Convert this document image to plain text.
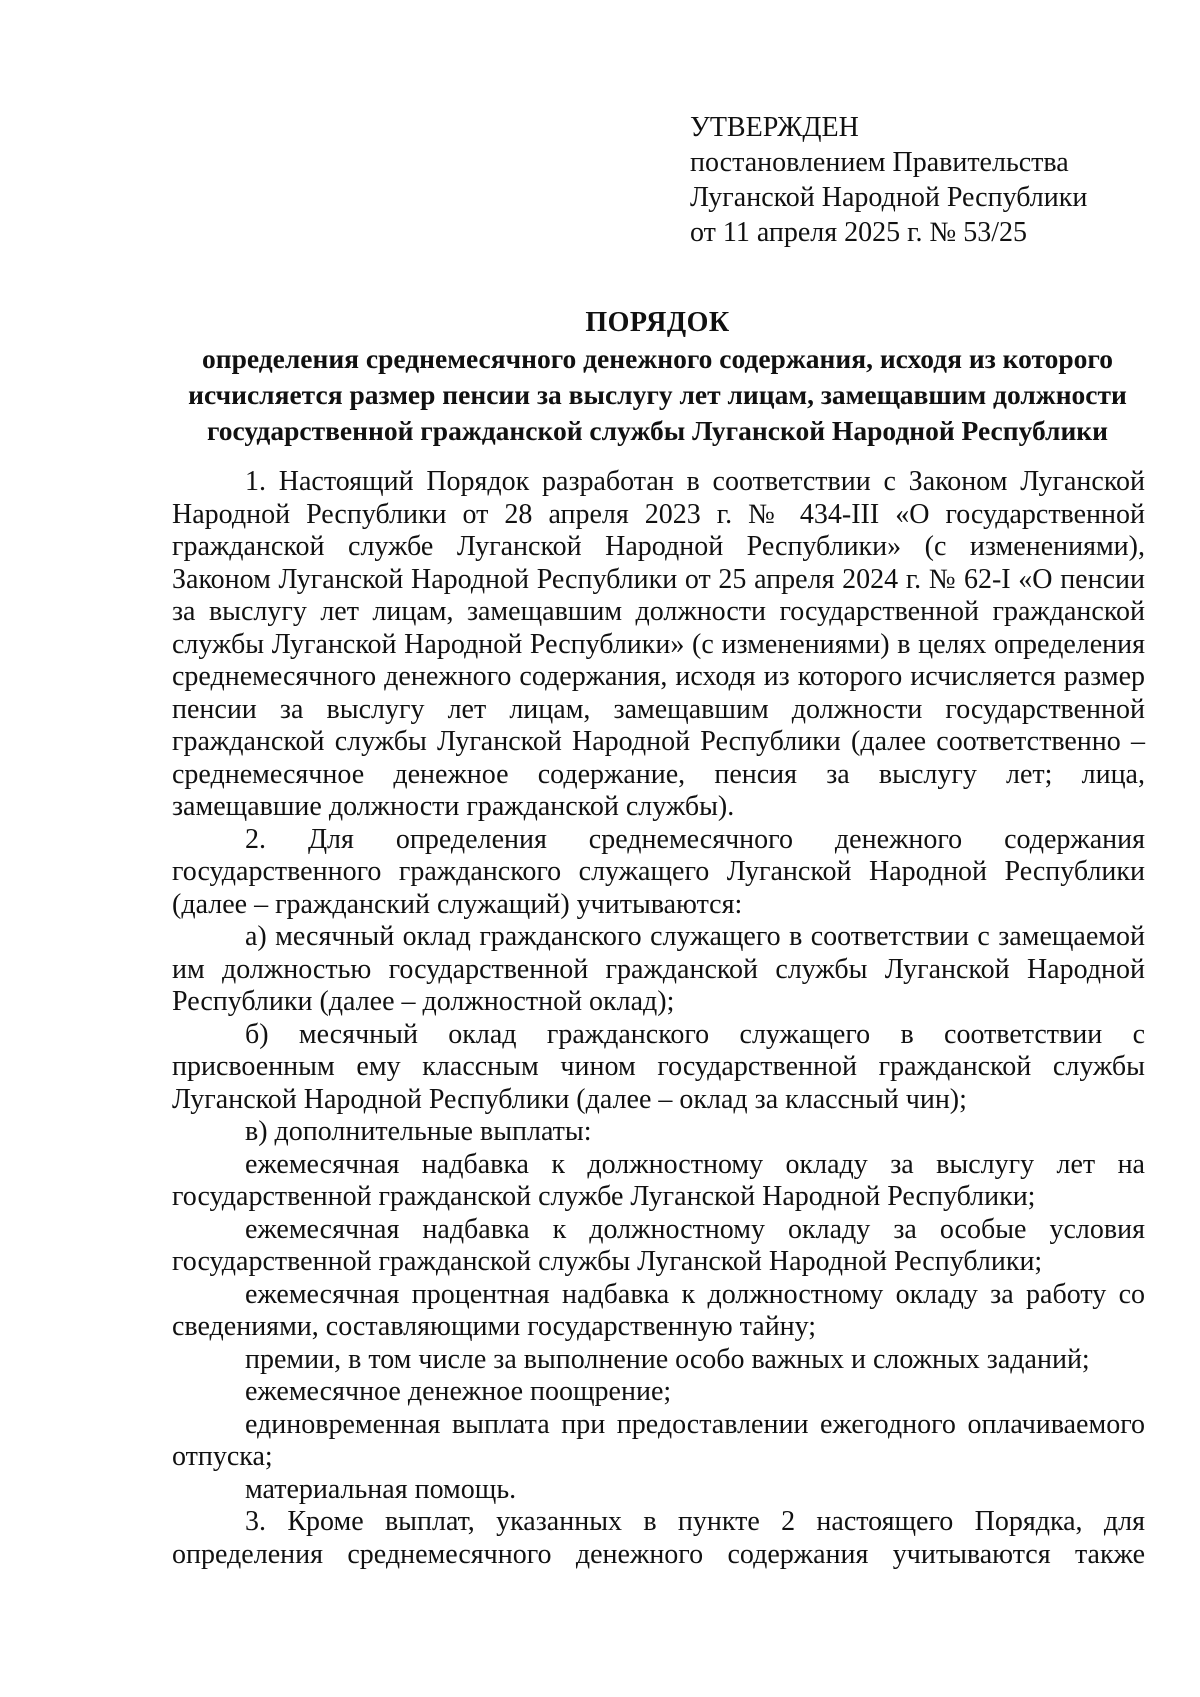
УТВЕРЖДЕН
постановлением Правительства
Луганской Народной Республики
от 11 апреля 2025 г. № 53/25
ПОРЯДОК
определения среднемесячного денежного содержания, исходя из которого
исчисляется размер пенсии за выслугу лет лицам, замещавшим должности
государственной гражданской службы Луганской Народной Республики

1. Настоящий Порядок разработан в соответствии с Законом Луганской Народной Республики от 28 апреля 2023 г. № 434-III «О государственной гражданской службе Луганской Народной Республики» (с изменениями), Законом Луганской Народной Республики от 25 апреля 2024 г. № 62-I «О пенсии за выслугу лет лицам, замещавшим должности государственной гражданской службы Луганской Народной Республики» (с изменениями) в целях определения среднемесячного денежного содержания, исходя из которого исчисляется размер пенсии за выслугу лет лицам, замещавшим должности государственной гражданской службы Луганской Народной Республики (далее соответственно – среднемесячное денежное содержание, пенсия за выслугу лет; лица, замещавшие должности гражданской службы).

2. Для определения среднемесячного денежного содержания государственного гражданского служащего Луганской Народной Республики (далее – гражданский служащий) учитываются:

а) месячный оклад гражданского служащего в соответствии с замещаемой им должностью государственной гражданской службы Луганской Народной Республики (далее – должностной оклад);

б) месячный оклад гражданского служащего в соответствии с присвоенным ему классным чином государственной гражданской службы Луганской Народной Республики (далее – оклад за классный чин);

в) дополнительные выплаты:

ежемесячная надбавка к должностному окладу за выслугу лет на государственной гражданской службе Луганской Народной Республики;

ежемесячная надбавка к должностному окладу за особые условия государственной гражданской службы Луганской Народной Республики;

ежемесячная процентная надбавка к должностному окладу за работу со сведениями, составляющими государственную тайну;

премии, в том числе за выполнение особо важных и сложных заданий;

ежемесячное денежное поощрение;

единовременная выплата при предоставлении ежегодного оплачиваемого отпуска;

материальная помощь.

3. Кроме выплат, указанных в пункте 2 настоящего Порядка, для определения среднемесячного денежного содержания учитываются также
